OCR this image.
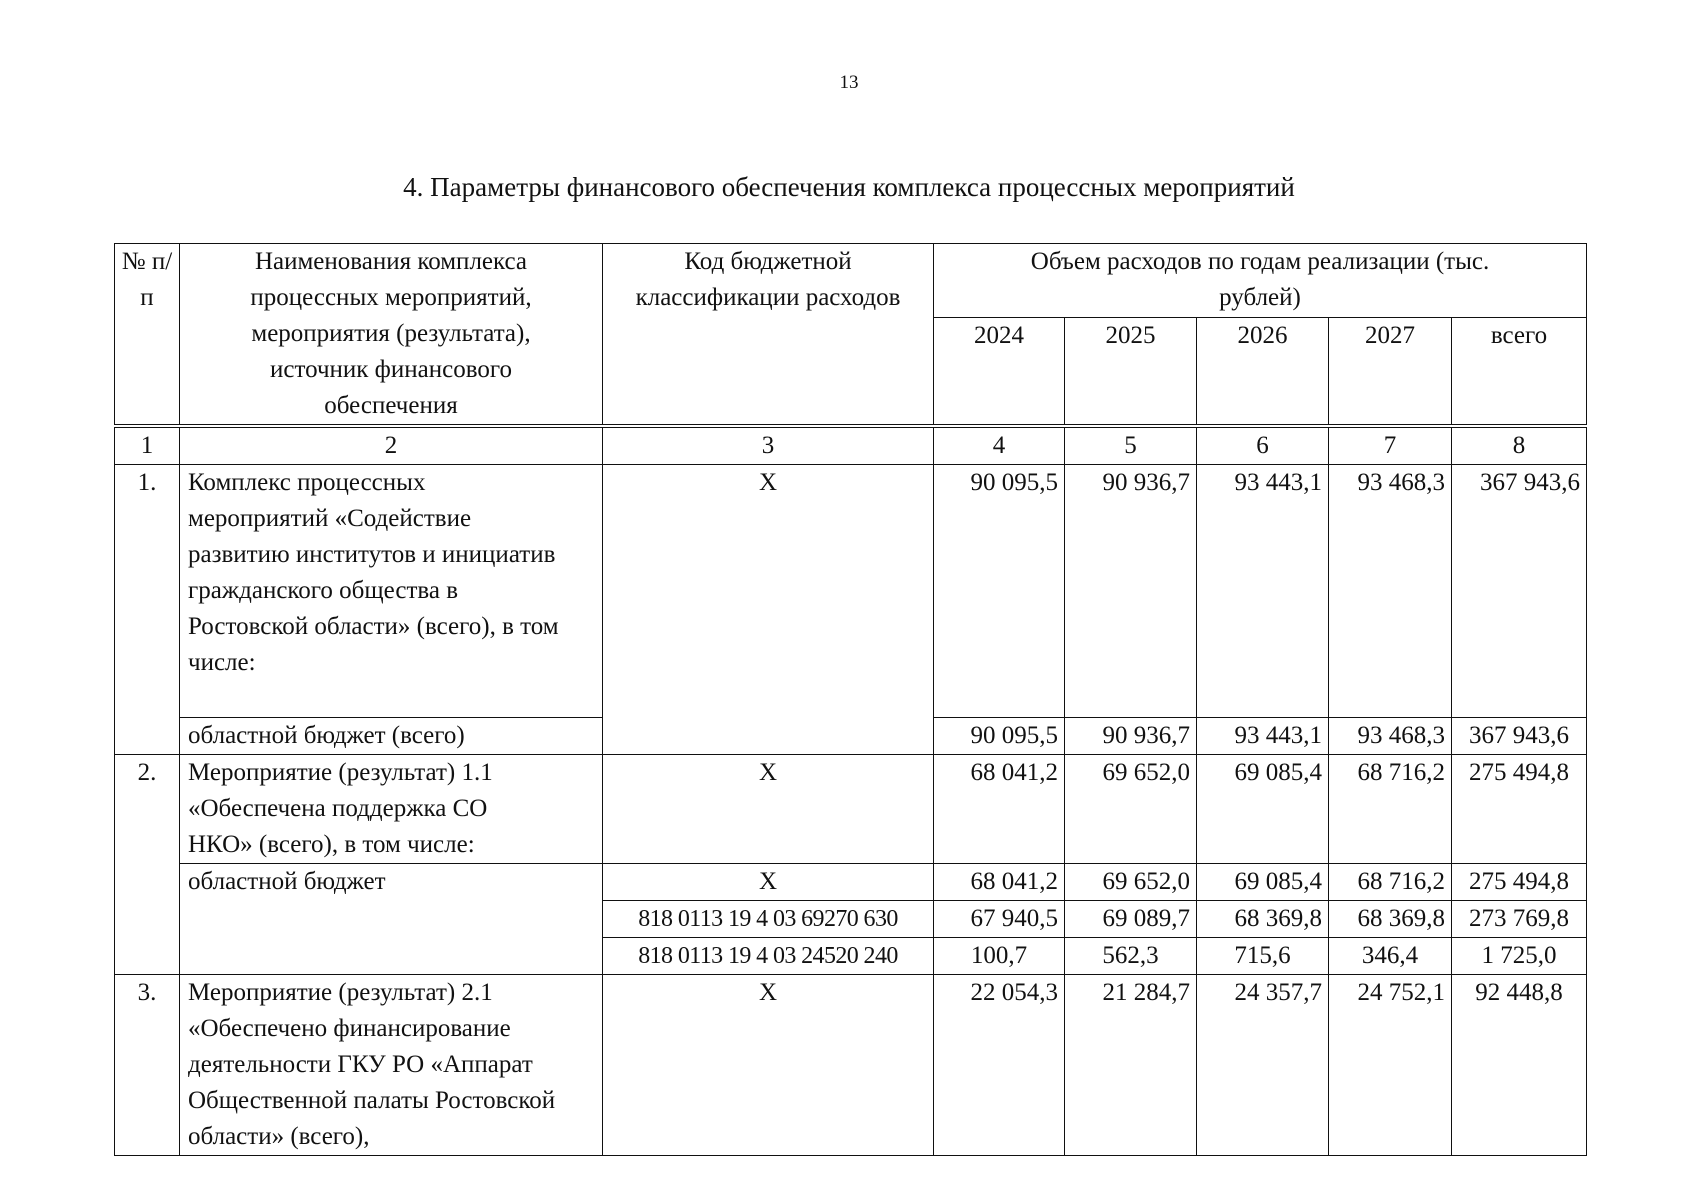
13
4. Параметры финансового обеспечения комплекса процессных мероприятий
№ п/п	Наименования комплекса процессных мероприятий, мероприятия (результата), источник финансового обеспечения	Код бюджетной классификации расходов	Объем расходов по годам реализации (тыс. рублей)				
			2024	2025	2026	2027	всего
1	2	3	4	5	6	7	8
1.	Комплекс процессных мероприятий «Содействие развитию институтов и инициатив гражданского общества в Ростовской области» (всего), в том числе:	X	90 095,5	90 936,7	93 443,1	93 468,3	367 943,6
	областной бюджет (всего)		90 095,5	90 936,7	93 443,1	93 468,3	367 943,6
2.	Мероприятие (результат) 1.1 «Обеспечена поддержка СО НКО» (всего), в том числе:	X	68 041,2	69 652,0	69 085,4	68 716,2	275 494,8
	областной бюджет	X	68 041,2	69 652,0	69 085,4	68 716,2	275 494,8
		818 0113 19 4 03 69270 630	67 940,5	69 089,7	68 369,8	68 369,8	273 769,8
		818 0113 19 4 03 24520 240	100,7	562,3	715,6	346,4	1 725,0
3.	Мероприятие (результат) 2.1 «Обеспечено финансирование деятельности ГКУ РО «Аппарат Общественной палаты Ростовской области» (всего),	X	22 054,3	21 284,7	24 357,7	24 752,1	92 448,8
